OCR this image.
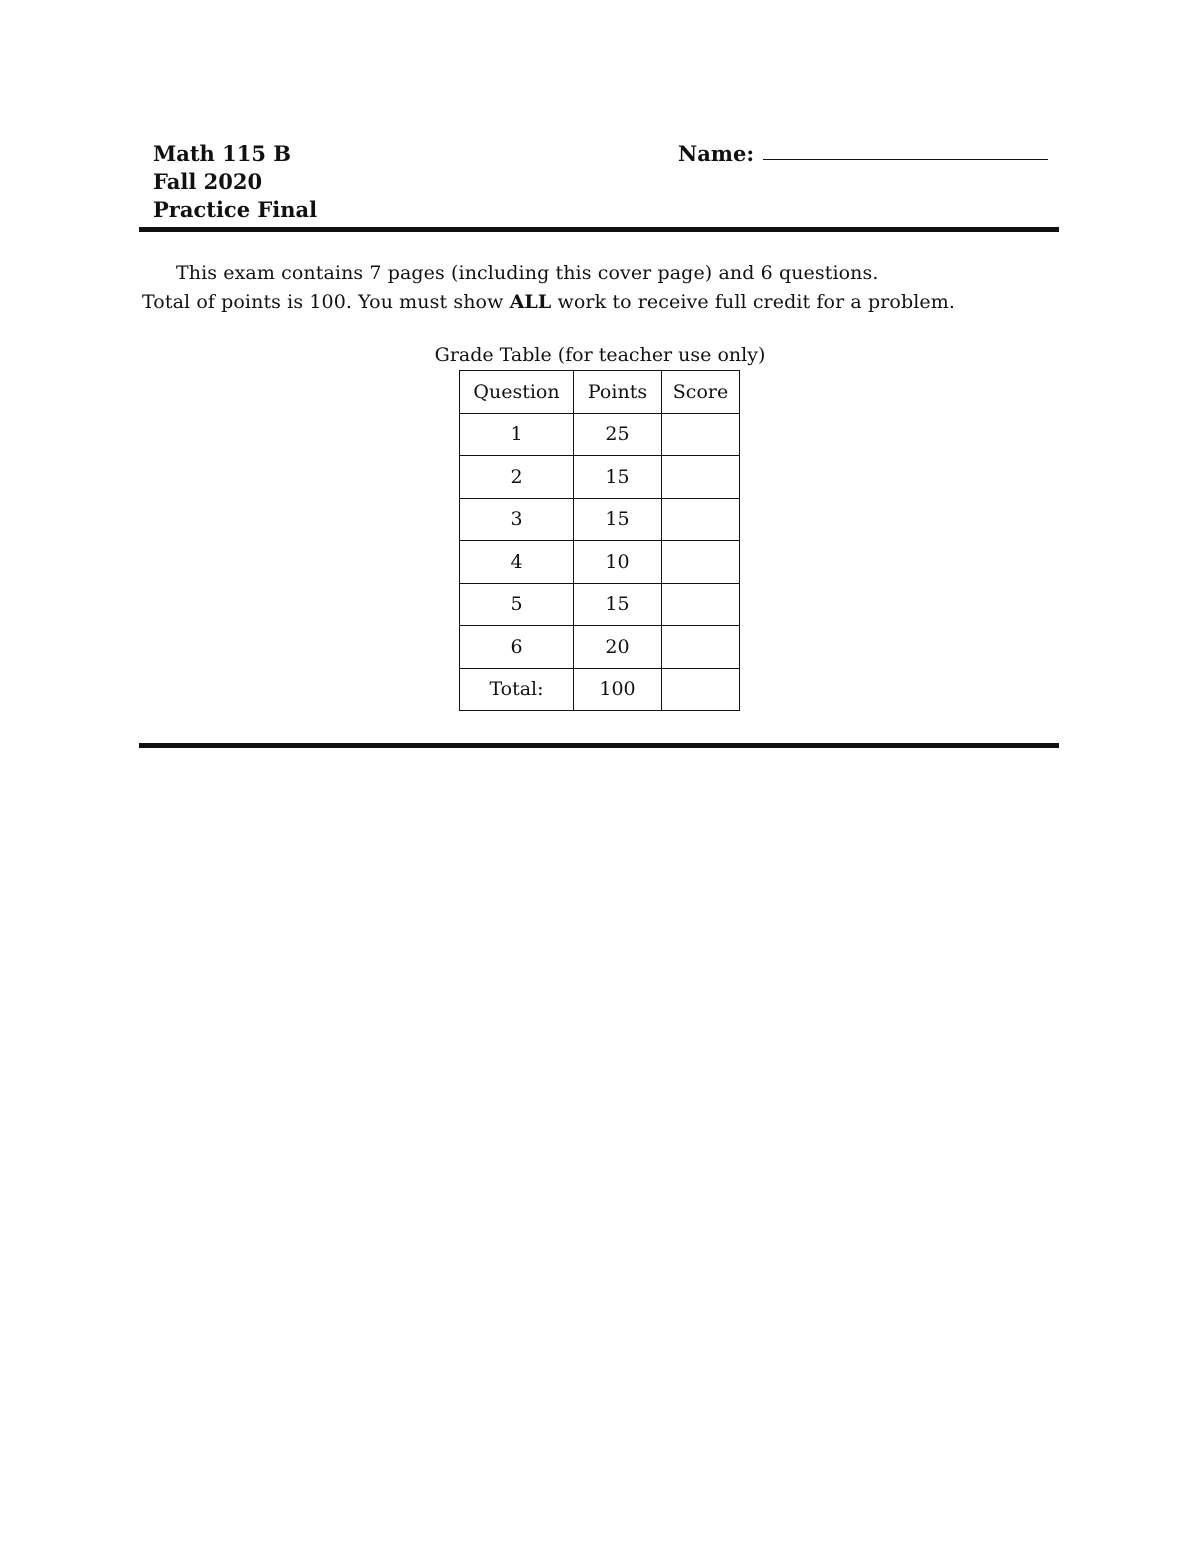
Math 115 B
Fall 2020
Practice Final
Name:
This exam contains 7 pages (including this cover page) and 6 questions.
Total of points is 100. You must show ALL work to receive full credit for a problem.
Grade Table (for teacher use only)
Question	Points	Score
1	25	
2	15	
3	15	
4	10	
5	15	
6	20	
Total:	100	
